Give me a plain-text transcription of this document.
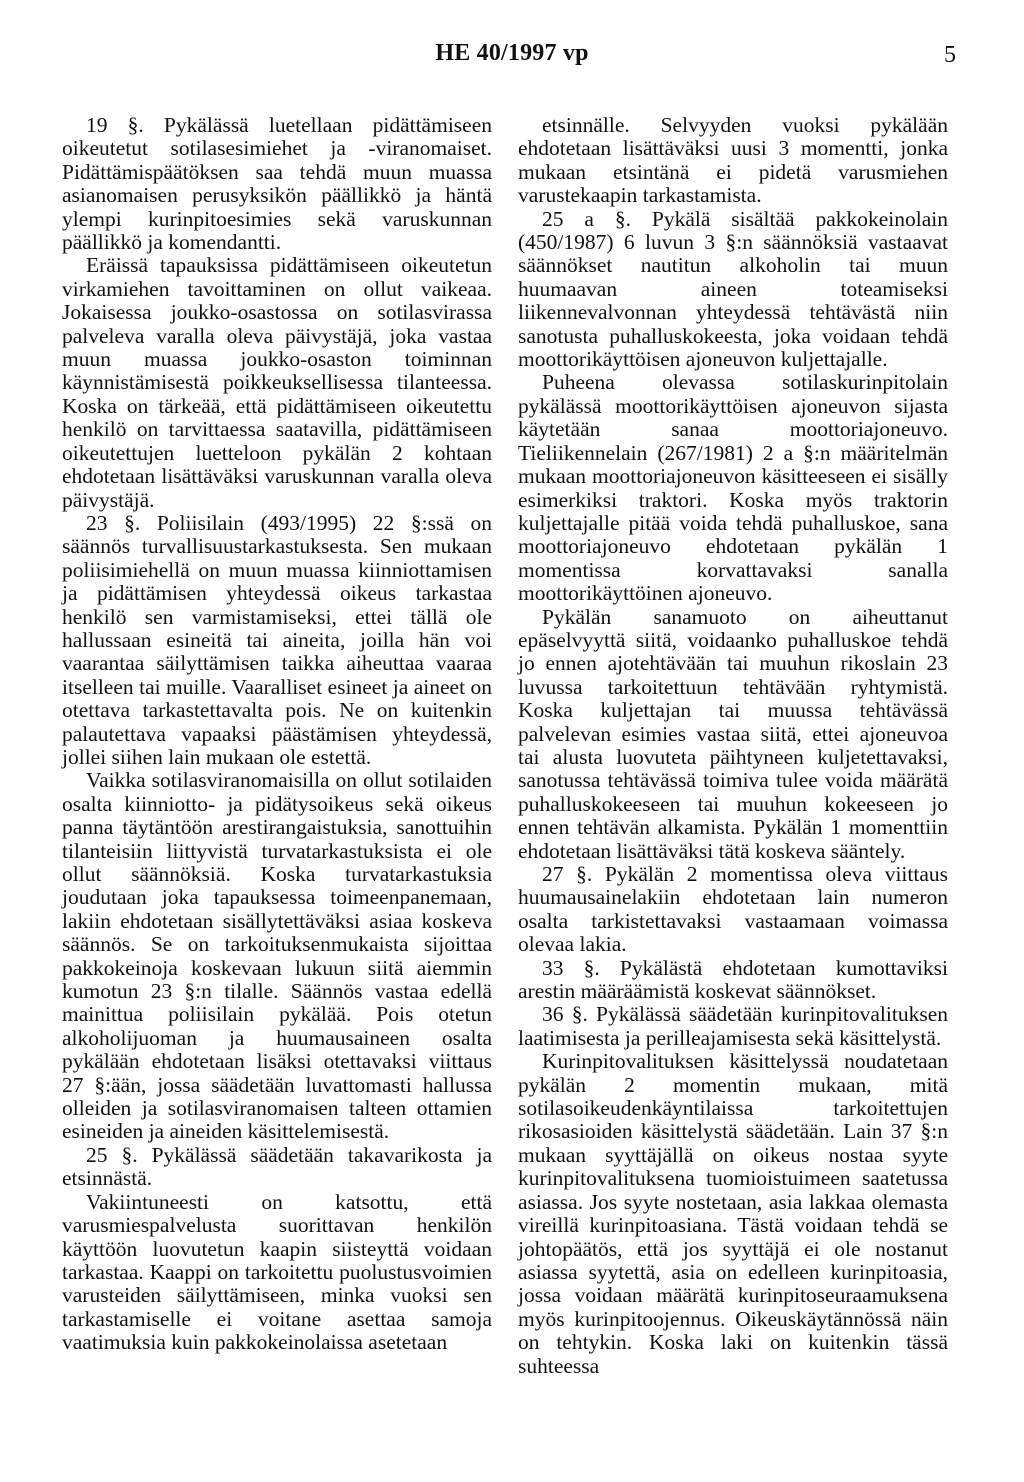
HE 40/1997 vp	5

19 §. Pykälässä luetellaan pidättämiseen oikeutetut sotilasesimiehet ja -viranomaiset. Pidättämispäätöksen saa tehdä muun muassa asianomaisen perusyksikön päällikkö ja häntä ylempi kurinpitoesimies sekä varuskunnan päällikkö ja komendantti.

Eräissä tapauksissa pidättämiseen oikeutetun virkamiehen tavoittaminen on ollut vaikeaa. Jokaisessa joukko-osastossa on sotilasvirassa palveleva varalla oleva päivystäjä, joka vastaa muun muassa joukko-osaston toiminnan käynnistämisestä poikkeuksellisessa tilanteessa. Koska on tärkeää, että pidättämiseen oikeutettu henkilö on tarvittaessa saatavilla, pidättämiseen oikeutettujen luetteloon pykälän 2 kohtaan ehdotetaan lisättäväksi varuskunnan varalla oleva päivystäjä.

23 §. Poliisilain (493/1995) 22 §:ssä on säännös turvallisuustarkastuksesta. Sen mukaan poliisimiehellä on muun muassa kiinniottamisen ja pidättämisen yhteydessä oikeus tarkastaa henkilö sen varmistamiseksi, ettei tällä ole hallussaan esineitä tai aineita, joilla hän voi vaarantaa säilyttämisen taikka aiheuttaa vaaraa itselleen tai muille. Vaaralliset esineet ja aineet on otettava tarkastettavalta pois. Ne on kuitenkin palautettava vapaaksi päästämisen yhteydessä, jollei siihen lain mukaan ole estettä.

Vaikka sotilasviranomaisilla on ollut sotilaiden osalta kiinniotto- ja pidätysoikeus sekä oikeus panna täytäntöön arestirangaistuksia, sanottuihin tilanteisiin liittyvistä turvatarkastuksista ei ole ollut säännöksiä. Koska turvatarkastuksia joudutaan joka tapauksessa toimeenpanemaan, lakiin ehdotetaan sisällytettäväksi asiaa koskeva säännös. Se on tarkoituksenmukaista sijoittaa pakkokeinoja koskevaan lukuun siitä aiemmin kumotun 23 §:n tilalle. Säännös vastaa edellä mainittua poliisilain pykälää. Pois otetun alkoholijuoman ja huumausaineen osalta pykälään ehdotetaan lisäksi otettavaksi viittaus 27 §:ään, jossa säädetään luvattomasti hallussa olleiden ja sotilasviranomaisen talteen ottamien esineiden ja aineiden käsittelemisestä.

25 §. Pykälässä säädetään takavarikosta ja etsinnästä.

Vakiintuneesti on katsottu, että varusmiespalvelusta suorittavan henkilön käyttöön luovutetun kaapin siisteyttä voidaan tarkastaa. Kaappi on tarkoitettu puolustusvoimien varusteiden säilyttämiseen, minka vuoksi sen tarkastamiselle ei voitane asettaa samoja vaatimuksia kuin pakkokeinolaissa asetetaan

etsinnälle. Selvyyden vuoksi pykälään ehdotetaan lisättäväksi uusi 3 momentti, jonka mukaan etsintänä ei pidetä varusmiehen varustekaapin tarkastamista.

25 a §. Pykälä sisältää pakkokeinolain (450/1987) 6 luvun 3 §:n säännöksiä vastaavat säännökset nautitun alkoholin tai muun huumaavan aineen toteamiseksi liikennevalvonnan yhteydessä tehtävästä niin sanotusta puhalluskokeesta, joka voidaan tehdä moottorikäyttöisen ajoneuvon kuljettajalle.

Puheena olevassa sotilaskurinpitolain pykälässä moottorikäyttöisen ajoneuvon sijasta käytetään sanaa moottoriajoneuvo. Tieliikennelain (267/1981) 2 a §:n määritelmän mukaan moottoriajoneuvon käsitteeseen ei sisälly esimerkiksi traktori. Koska myös traktorin kuljettajalle pitää voida tehdä puhalluskoe, sana moottoriajoneuvo ehdotetaan pykälän 1 momentissa korvattavaksi sanalla moottorikäyttöinen ajoneuvo.

Pykälän sanamuoto on aiheuttanut epäselvyyttä siitä, voidaanko puhalluskoe tehdä jo ennen ajotehtävään tai muuhun rikoslain 23 luvussa tarkoitettuun tehtävään ryhtymistä. Koska kuljettajan tai muussa tehtävässä palvelevan esimies vastaa siitä, ettei ajoneuvoa tai alusta luovuteta päihtyneen kuljetettavaksi, sanotussa tehtävässä toimiva tulee voida määrätä puhalluskokeeseen tai muuhun kokeeseen jo ennen tehtävän alkamista. Pykälän 1 momenttiin ehdotetaan lisättäväksi tätä koskeva sääntely.

27 §. Pykälän 2 momentissa oleva viittaus huumausainelakiin ehdotetaan lain numeron osalta tarkistettavaksi vastaamaan voimassa olevaa lakia.

33 §. Pykälästä ehdotetaan kumottaviksi arestin määräämistä koskevat säännökset.

36 §. Pykälässä säädetään kurinpitovalituksen laatimisesta ja perilleajamisesta sekä käsittelystä.

Kurinpitovalituksen käsittelyssä noudatetaan pykälän 2 momentin mukaan, mitä sotilasoikeudenkäyntilaissa tarkoitettujen rikosasioiden käsittelystä säädetään. Lain 37 §:n mukaan syyttäjällä on oikeus nostaa syyte kurinpitovalituksena tuomioistuimeen saatetussa asiassa. Jos syyte nostetaan, asia lakkaa olemasta vireillä kurinpitoasiana. Tästä voidaan tehdä se johtopäätös, että jos syyttäjä ei ole nostanut asiassa syytettä, asia on edelleen kurinpitoasia, jossa voidaan määrätä kurinpitoseuraamuksena myös kurinpitoojennus. Oikeuskäytännössä näin on tehtykin. Koska laki on kuitenkin tässä suhteessa
